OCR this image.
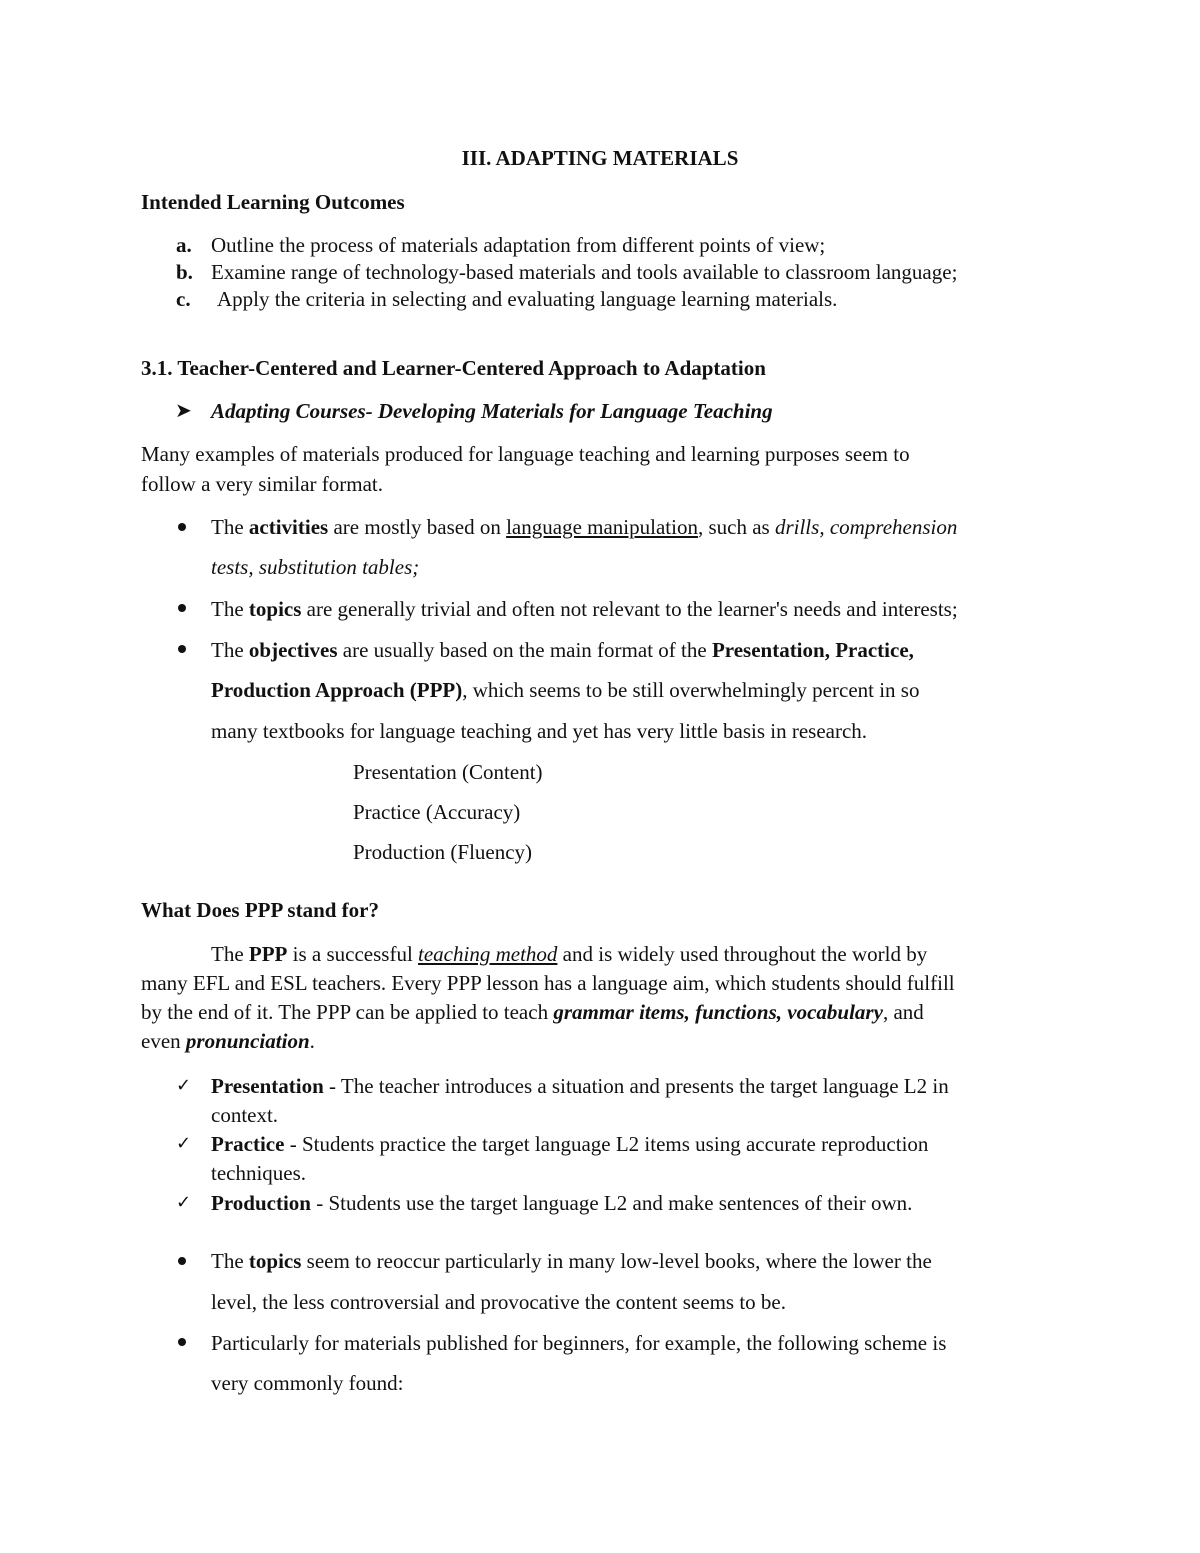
III. ADAPTING MATERIALS
Intended Learning Outcomes
a. Outline the process of materials adaptation from different points of view;
b. Examine range of technology-based materials and tools available to classroom language;
c. Apply the criteria in selecting and evaluating language learning materials.
3.1. Teacher-Centered and Learner-Centered Approach to Adaptation
➤ Adapting Courses- Developing Materials for Language Teaching
Many examples of materials produced for language teaching and learning purposes seem to
follow a very similar format.
The activities are mostly based on language manipulation, such as drills, comprehension
tests, substitution tables;
The topics are generally trivial and often not relevant to the learner's needs and interests;
The objectives are usually based on the main format of the Presentation, Practice,
Production Approach (PPP), which seems to be still overwhelmingly percent in so
many textbooks for language teaching and yet has very little basis in research.
Presentation (Content)
Practice (Accuracy)
Production (Fluency)
What Does PPP stand for?
The PPP is a successful teaching method and is widely used throughout the world by
many EFL and ESL teachers. Every PPP lesson has a language aim, which students should fulfill
by the end of it. The PPP can be applied to teach grammar items, functions, vocabulary, and
even pronunciation.
✓ Presentation - The teacher introduces a situation and presents the target language L2 in
context.
✓ Practice - Students practice the target language L2 items using accurate reproduction
techniques.
✓ Production - Students use the target language L2 and make sentences of their own.
The topics seem to reoccur particularly in many low-level books, where the lower the
level, the less controversial and provocative the content seems to be.
Particularly for materials published for beginners, for example, the following scheme is
very commonly found:
